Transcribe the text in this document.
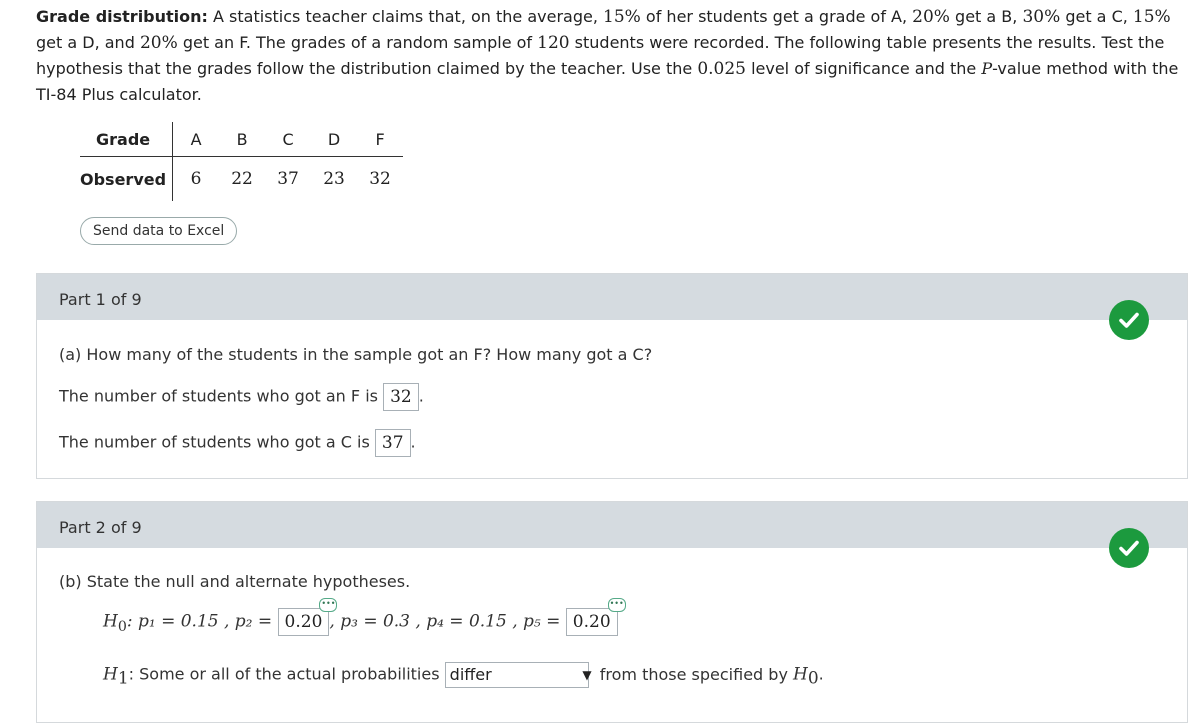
Grade distribution: A statistics teacher claims that, on the average, 15% of her students get a grade of A, 20% get a B, 30% get a C, 15% get a D, and 20% get an F. The grades of a random sample of 120 students were recorded. The following table presents the results. Test the hypothesis that the grades follow the distribution claimed by the teacher. Use the 0.025 level of significance and the P-value method with the TI-84 Plus calculator.
Grade	A	B	C	D	F
Observed	6	22	37	23	32
Send data to Excel
Part 1 of 9
(a) How many of the students in the sample got an F? How many got a C?
The number of students who got an F is 32 .
The number of students who got a C is 37 .
Part 2 of 9
(b) State the null and alternate hypotheses.
$H_0$: p₁ = 0.15 , p₂ = 0.20
•••
, p₃ = 0.3 , p₄ = 0.15 , p₅ = 0.20
•••
$H_1$: Some or all of the actual probabilities differ	▼ from those specified by $H_0$.
